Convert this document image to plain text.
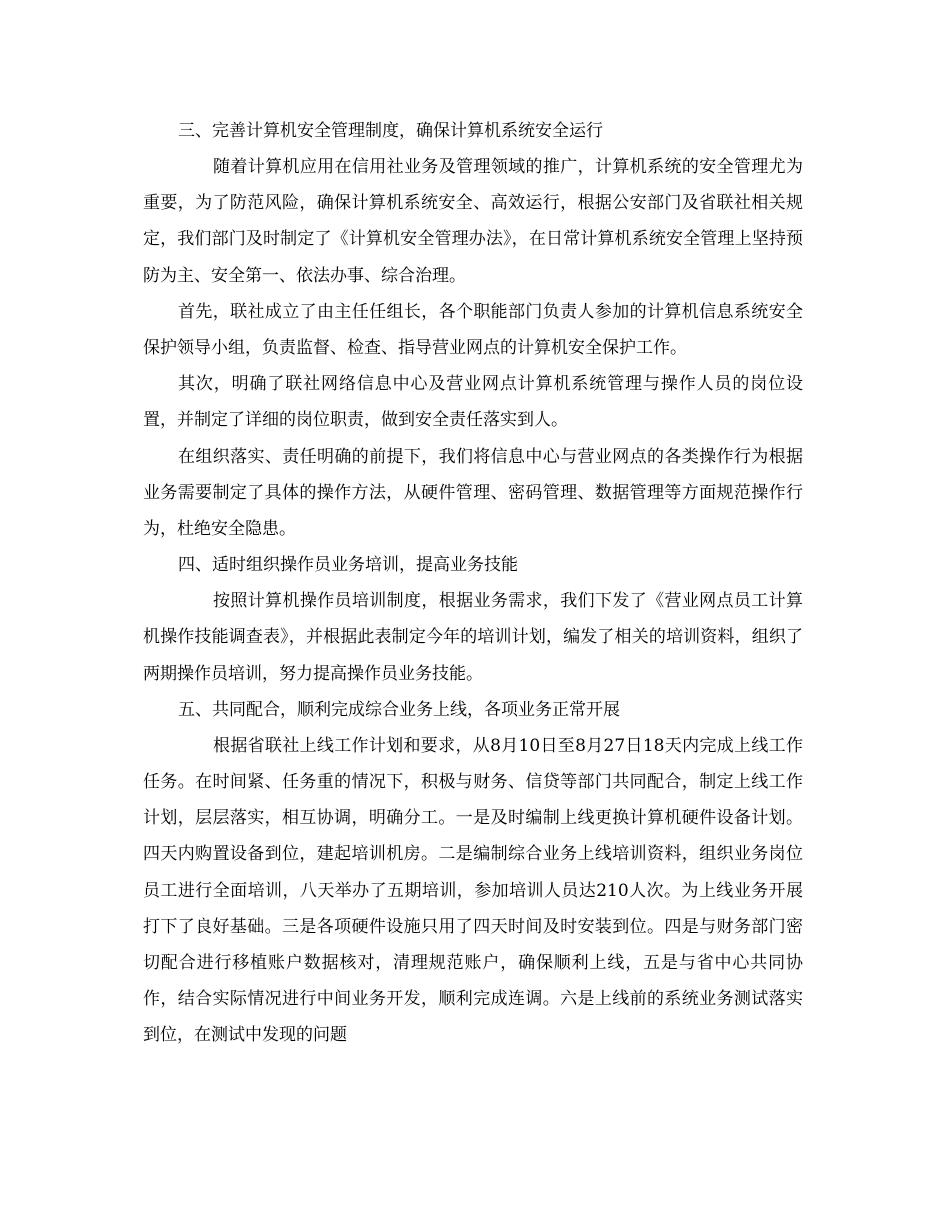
三、完善计算机安全管理制度，确保计算机系统安全运行

随着计算机应用在信用社业务及管理领域的推广，计算机系统的安全管理尤为重要，为了防范风险，确保计算机系统安全、高效运行，根据公安部门及省联社相关规定，我们部门及时制定了《计算机安全管理办法》，在日常计算机系统安全管理上坚持预防为主、安全第一、依法办事、综合治理。

首先，联社成立了由主任任组长，各个职能部门负责人参加的计算机信息系统安全保护领导小组，负责监督、检查、指导营业网点的计算机安全保护工作。

其次，明确了联社网络信息中心及营业网点计算机系统管理与操作人员的岗位设置，并制定了详细的岗位职责，做到安全责任落实到人。

在组织落实、责任明确的前提下，我们将信息中心与营业网点的各类操作行为根据业务需要制定了具体的操作方法，从硬件管理、密码管理、数据管理等方面规范操作行为，杜绝安全隐患。

四、适时组织操作员业务培训，提高业务技能

按照计算机操作员培训制度，根据业务需求，我们下发了《营业网点员工计算机操作技能调查表》，并根据此表制定今年的培训计划，编发了相关的培训资料，组织了两期操作员培训，努力提高操作员业务技能。

五、共同配合，顺利完成综合业务上线，各项业务正常开展

根据省联社上线工作计划和要求，从8月10日至8月27日18天内完成上线工作任务。在时间紧、任务重的情况下，积极与财务、信贷等部门共同配合，制定上线工作计划，层层落实，相互协调，明确分工。一是及时编制上线更换计算机硬件设备计划。四天内购置设备到位，建起培训机房。二是编制综合业务上线培训资料，组织业务岗位员工进行全面培训，八天举办了五期培训，参加培训人员达210人次。为上线业务开展打下了良好基础。三是各项硬件设施只用了四天时间及时安装到位。四是与财务部门密切配合进行移植账户数据核对，清理规范账户，确保顺利上线，五是与省中心共同协作，结合实际情况进行中间业务开发，顺利完成连调。六是上线前的系统业务测试落实到位，在测试中发现的问题
